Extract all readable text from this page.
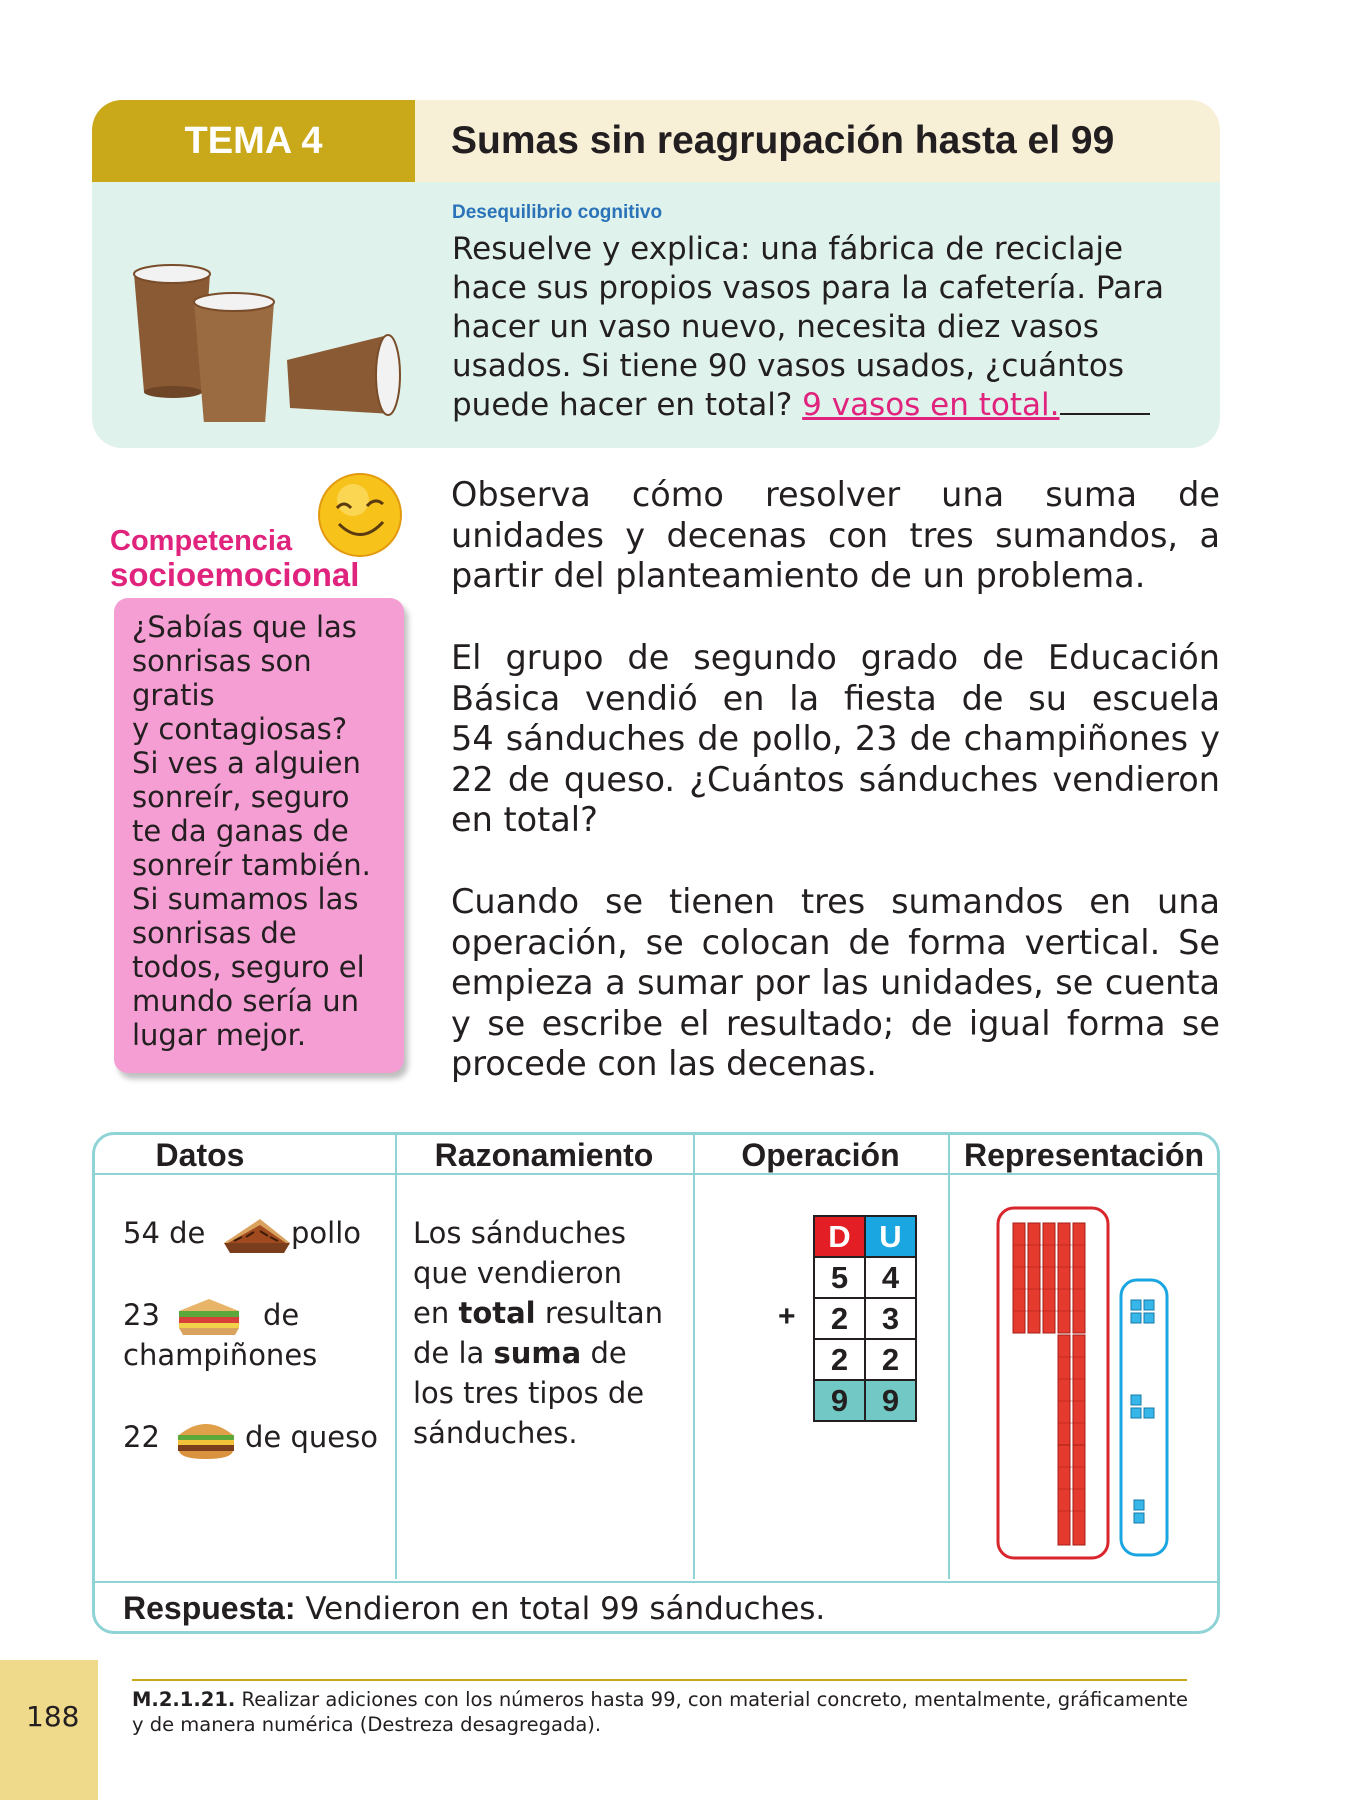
TEMA 4	Sumas sin reagrupación hasta el 99
Desequilibrio cognitivo
Resuelve y explica: una fábrica de reciclaje
hace sus propios vasos para la cafetería. Para
hacer un vaso nuevo, necesita diez vasos
usados. Si tiene 90 vasos usados, ¿cuántos
puede hacer en total? 9 vasos en total.
Competencia
socioemocional
¿Sabías que las
sonrisas son
gratis
y contagiosas?
Si ves a alguien
sonreír, seguro
te da ganas de
sonreír también.
Si sumamos las
sonrisas de
todos, seguro el
mundo sería un
lugar mejor.
Observa cómo resolver una suma de
unidades y decenas con tres sumandos, a
partir del planteamiento de un problema.
El grupo de segundo grado de Educación
Básica vendió en la fiesta de su escuela
54 sánduches de pollo, 23 de champiñones y
22 de queso. ¿Cuántos sánduches vendieron
en total?
Cuando se tienen tres sumandos en una
operación, se colocan de forma vertical. Se
empieza a sumar por las unidades, se cuenta
y se escribe el resultado; de igual forma se
procede con las decenas.
Datos	Razonamiento	Operación	Representación
54 de	pollo
23	de
champiñones
22	de queso
Los sánduches
que vendieron
en total resultan
de la suma de
los tres tipos de
sánduches.
+
D	U
5	4
2	3
2	2
9	9
Respuesta: Vendieron en total 99 sánduches.
M.2.1.21. Realizar adiciones con los números hasta 99, con material concreto, mentalmente, gráficamente
y de manera numérica (Destreza desagregada).
188
